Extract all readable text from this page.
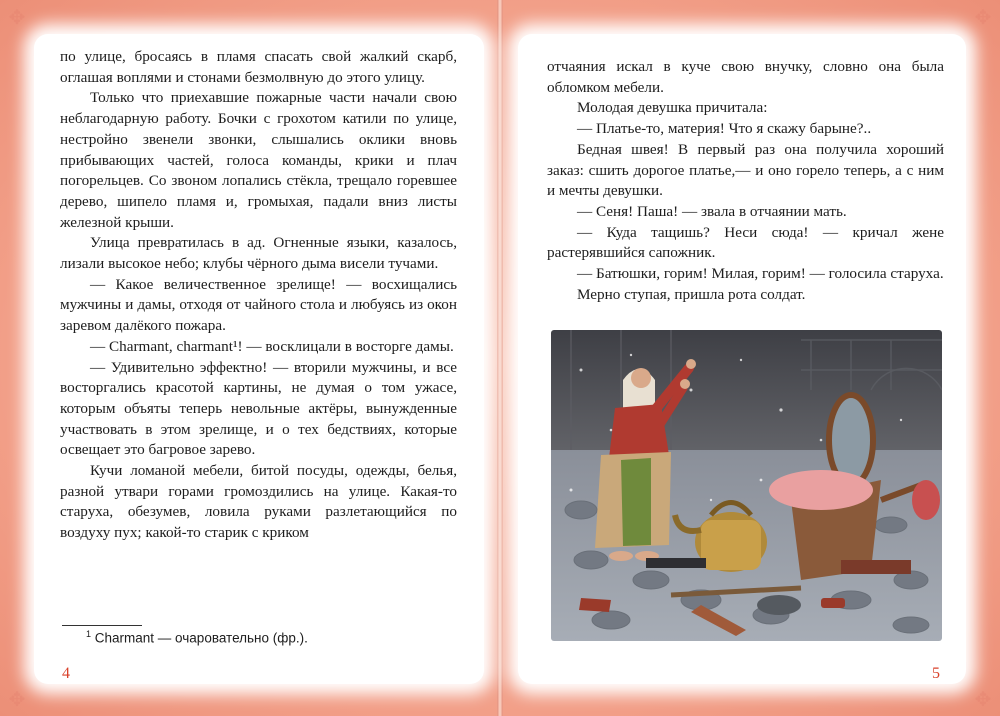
✥	✥
✥	✥

по улице, бросаясь в пламя спасать свой жалкий скарб, оглашая воплями и стонами безмолвную до этого улицу.

Только что приехавшие пожарные части начали свою неблагодарную работу. Бочки с грохотом катили по улице, нестройно звенели звонки, слышались оклики вновь прибывающих частей, голоса команды, крики и плач погорельцев. Со звоном лопались стёкла, трещало горевшее дерево, шипело пламя и, громыхая, падали вниз листы железной крыши.

Улица превратилась в ад. Огненные языки, казалось, лизали высокое небо; клубы чёрного дыма висели тучами.

— Какое величественное зрелище! — восхищались мужчины и дамы, отходя от чайного стола и любуясь из окон заревом далёкого пожара.

— Charmant, charmant¹! — восклицали в восторге дамы.

— Удивительно эффектно! — вторили мужчины, и все восторгались красотой картины, не думая о том ужасе, которым объяты теперь невольные актёры, вынужденные участвовать в этом зрелище, и о тех бедствиях, которые освещает это багровое зарево.

Кучи ломаной мебели, битой посуды, одежды, белья, разной утвари горами громоздились на улице. Какая-то старуха, обезумев, ловила руками разлетающийся по воздуху пух; какой-то старик с криком

$^1$ Charmant — очаровательно (фр.).
4

отчаяния искал в куче свою внучку, словно она была обломком мебели.

Молодая девушка причитала:

— Платье-то, материя! Что я скажу барыне?..

Бедная швея! В первый раз она получила хороший заказ: сшить дорогое платье,— и оно горело теперь, а с ним и мечты девушки.

— Сеня! Паша! — звала в отчаянии мать.

— Куда тащишь? Неси сюда! — кричал жене растерявшийся сапожник.

— Батюшки, горим! Милая, горим! — голосила старуха.

Мерно ступая, пришла рота солдат.

5
